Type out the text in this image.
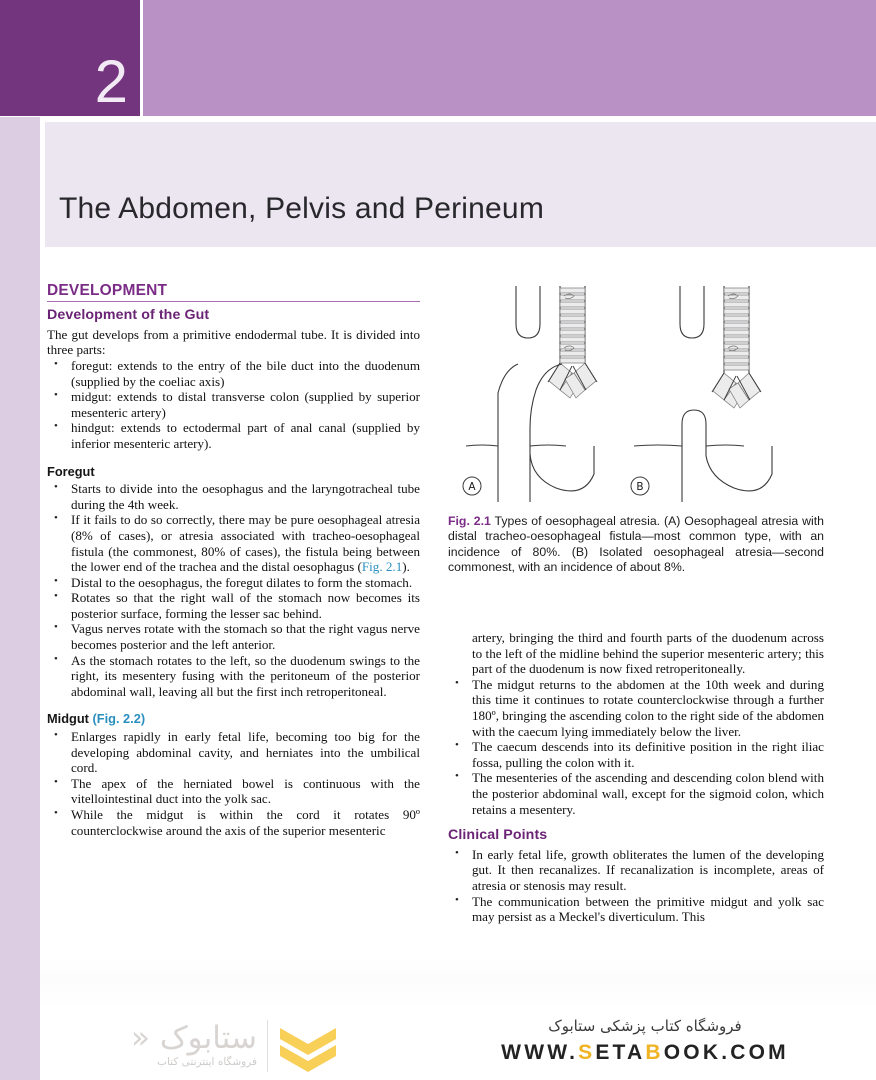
2
The Abdomen, Pelvis and Perineum
DEVELOPMENT
Development of the Gut

The gut develops from a primitive endodermal tube. It is divided into three parts:

• foregut: extends to the entry of the bile duct into the duodenum (supplied by the coeliac axis)
• midgut: extends to distal transverse colon (supplied by superior mesenteric artery)
• hindgut: extends to ectodermal part of anal canal (supplied by inferior mesenteric artery).
Foregut
• Starts to divide into the oesophagus and the laryngotracheal tube during the 4th week.
• If it fails to do so correctly, there may be pure oesophageal atresia (8% of cases), or atresia associated with tracheo-oesophageal fistula (the commonest, 80% of cases), the fistula being between the lower end of the trachea and the distal oesophagus (Fig. 2.1).
• Distal to the oesophagus, the foregut dilates to form the stomach.
• Rotates so that the right wall of the stomach now becomes its posterior surface, forming the lesser sac behind.
• Vagus nerves rotate with the stomach so that the right vagus nerve becomes posterior and the left anterior.
• As the stomach rotates to the left, so the duodenum swings to the right, its mesentery fusing with the peritoneum of the posterior abdominal wall, leaving all but the first inch retroperitoneal.
Midgut (Fig. 2.2)
• Enlarges rapidly in early fetal life, becoming too big for the developing abdominal cavity, and herniates into the umbilical cord.
• The apex of the herniated bowel is continuous with the vitellointestinal duct into the yolk sac.
• While the midgut is within the cord it rotates 90º counterclockwise around the axis of the superior mesenteric
A	B
Fig. 2.1 Types of oesophageal atresia. (A) Oesophageal atresia with distal tracheo-oesophageal fistula—most common type, with an incidence of 80%. (B) Isolated oesophageal atresia—second commonest, with an incidence of about 8%.

artery, bringing the third and fourth parts of the duodenum across to the left of the midline behind the superior mesenteric artery; this part of the duodenum is now fixed retroperitoneally.

• The midgut returns to the abdomen at the 10th week and during this time it continues to rotate counterclockwise through a further 180º, bringing the ascending colon to the right side of the abdomen with the caecum lying immediately below the liver.
• The caecum descends into its definitive position in the right iliac fossa, pulling the colon with it.
• The mesenteries of the ascending and descending colon blend with the posterior abdominal wall, except for the sigmoid colon, which retains a mesentery.
Clinical Points
• In early fetal life, growth obliterates the lumen of the developing gut. It then recanalizes. If recanalization is incomplete, areas of atresia or stenosis may result.
• The communication between the primitive midgut and yolk sac may persist as a Meckel's diverticulum. This
ستابوک «
فروشگاه اینترنتی کتاب
فروشگاه کتاب پزشکی ستابوک
WWW.SETABOOK.COM
